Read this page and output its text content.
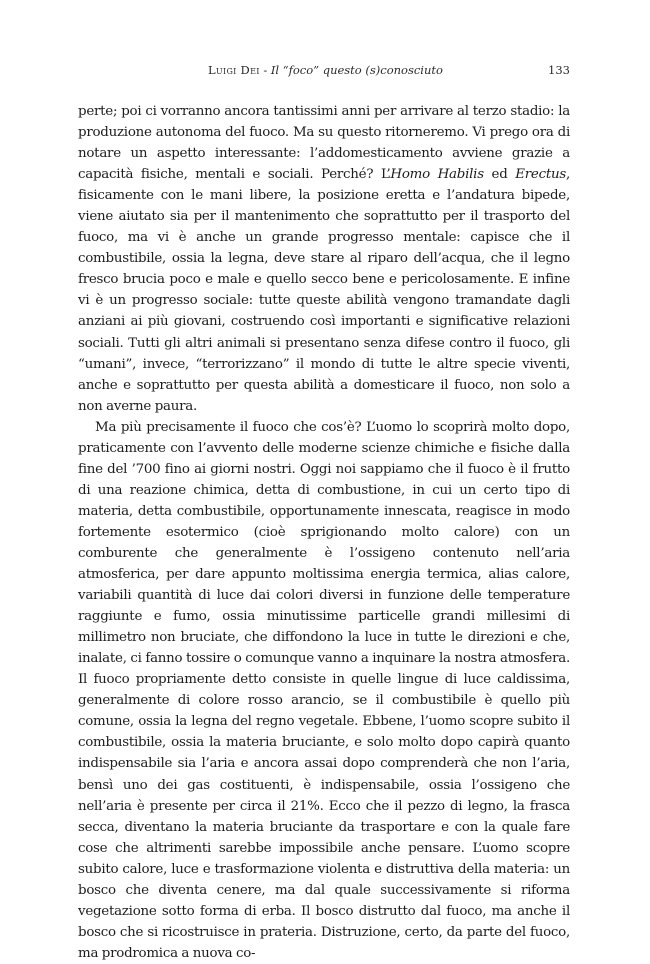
Luigi Dei - Il “foco” questo (s)conosciuto	133

perte; poi ci vorranno ancora tantissimi anni per arrivare al terzo stadio: la produzione autonoma del fuoco. Ma su questo ritorneremo. Vi prego ora di notare un aspetto interessante: l’addomesticamento avviene grazie a capacità fisiche, mentali e sociali. Perché? L’Homo Habilis ed Erectus, fisicamente con le mani libere, la posizione eretta e l’andatura bipede, viene aiutato sia per il mantenimento che soprattutto per il trasporto del fuoco, ma vi è anche un grande progresso mentale: capisce che il combustibile, ossia la legna, deve stare al riparo dell’acqua, che il legno fresco brucia poco e male e quello secco bene e pericolosamente. E infine vi è un progresso sociale: tutte queste abilità vengono tramandate dagli anziani ai più giovani, costruendo così importanti e significative relazioni sociali. Tutti gli altri animali si presentano senza difese contro il fuoco, gli “umani”, invece, “terrorizzano” il mondo di tutte le altre specie viventi, anche e soprattutto per questa abilità a domesticare il fuoco, non solo a non averne paura.

Ma più precisamente il fuoco che cos’è? L’uomo lo scoprirà molto dopo, praticamente con l’avvento delle moderne scienze chimiche e fisiche dalla fine del ’700 fino ai giorni nostri. Oggi noi sappiamo che il fuoco è il frutto di una reazione chimica, detta di combustione, in cui un certo tipo di materia, detta combustibile, opportunamente innescata, reagisce in modo fortemente esotermico (cioè sprigionando molto calore) con un comburente che generalmente è l’ossigeno contenuto nell’aria atmosferica, per dare appunto moltissima energia termica, alias calore, variabili quantità di luce dai colori diversi in funzione delle temperature raggiunte e fumo, ossia minutissime particelle grandi millesimi di millimetro non bruciate, che diffondono la luce in tutte le direzioni e che, inalate, ci fanno tossire o comunque vanno a inquinare la nostra atmosfera. Il fuoco propriamente detto consiste in quelle lingue di luce caldissima, generalmente di colore rosso arancio, se il combustibile è quello più comune, ossia la legna del regno vegetale. Ebbene, l’uomo scopre subito il combustibile, ossia la materia bruciante, e solo molto dopo capirà quanto indispensabile sia l’aria e ancora assai dopo comprenderà che non l’aria, bensì uno dei gas costituenti, è indispensabile, ossia l’ossigeno che nell’aria è presente per circa il 21%. Ecco che il pezzo di legno, la frasca secca, diventano la materia bruciante da trasportare e con la quale fare cose che altrimenti sarebbe impossibile anche pensare. L’uomo scopre subito calore, luce e trasformazione violenta e distruttiva della materia: un bosco che diventa cenere, ma dal quale successivamente si riforma vegetazione sotto forma di erba. Il bosco distrutto dal fuoco, ma anche il bosco che si ricostruisce in prateria. Distruzione, certo, da parte del fuoco, ma prodromica a nuova co-
